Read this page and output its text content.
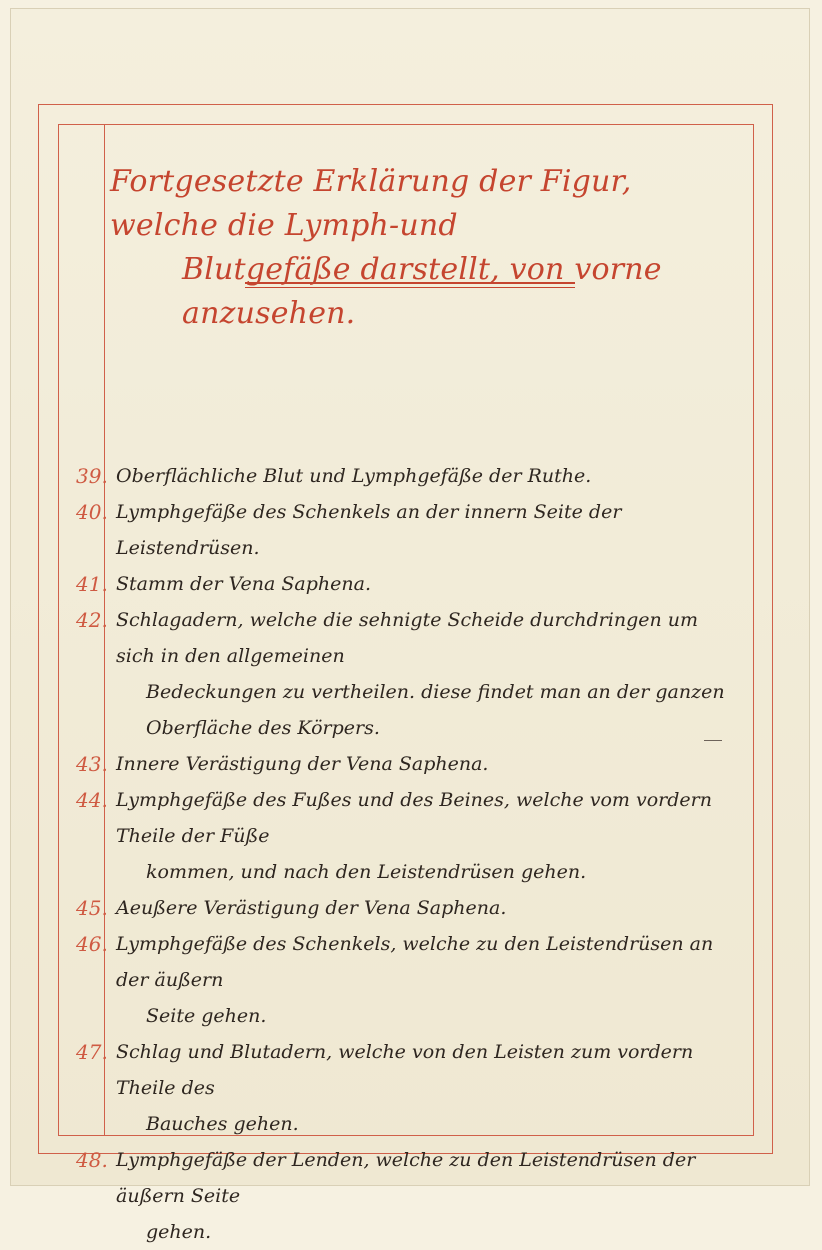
Fortgesetzte Erklärung der Figur, welche die Lymph-und
Blutgefäße darstellt, von vorne anzusehen.
39. Oberflächliche Blut und Lymphgefäße der Ruthe.
40. Lymphgefäße des Schenkels an der innern Seite der Leistendrüsen.
41. Stamm der Vena Saphena.
42. Schlagadern, welche die sehnigte Scheide durchdringen um sich in den allgemeinen
Bedeckungen zu vertheilen. diese findet man an der ganzen Oberfläche des Körpers.
43. Innere Verästigung der Vena Saphena.
44. Lymphgefäße des Fußes und des Beines, welche vom vordern Theile der Füße
kommen, und nach den Leistendrüsen gehen.
45. Aeußere Verästigung der Vena Saphena.
46. Lymphgefäße des Schenkels, welche zu den Leistendrüsen an der äußern
Seite gehen.
47. Schlag und Blutadern, welche von den Leisten zum vordern Theile des
Bauches gehen.
48. Lymphgefäße der Lenden, welche zu den Leistendrüsen der äußern Seite
gehen.
